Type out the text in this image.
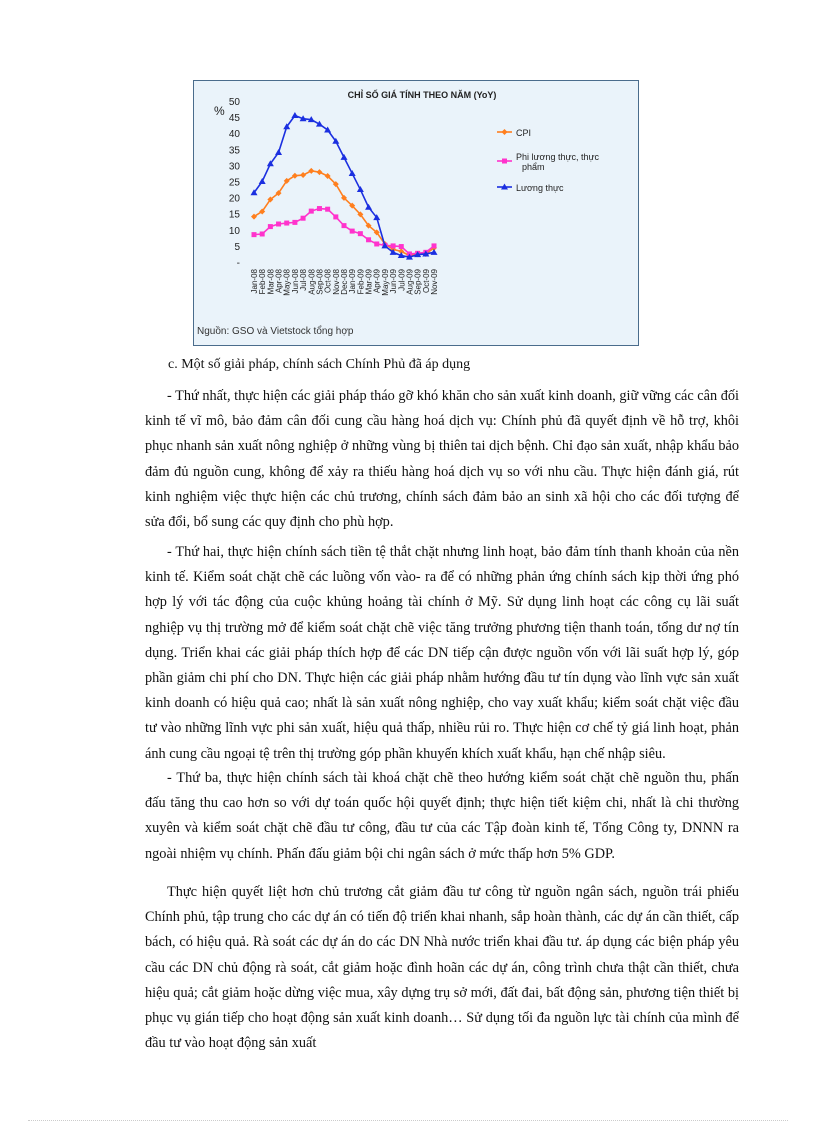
CHỈ SỐ GIÁ TÍNH THEO NĂM (YoY)
%
50
45
40
35
30
25
20
15
10
5
-
Jan-08 Feb-08 Mar-08 Apr-08 May-08 Jun-08 Jul-08 Aug-08 Sep-08 Oct-08 Nov-08 Dec-08 Jan-09 Feb-09 Mar-09 Apr-09 May-09 Jun-09 Jul-09 Aug-09 Sep-09 Oct-09 Nov-09
CPI
Phi lương thực, thực phẩm
Lương thực
Nguồn: GSO và Vietstock tổng hợp
c. Một số giải pháp, chính sách Chính Phủ đã áp dụng

- Thứ nhất, thực hiện các giải pháp tháo gỡ khó khăn cho sản xuất kinh doanh, giữ vững các cân đối kinh tế vĩ mô, bảo đảm cân đối cung cầu hàng hoá dịch vụ: Chính phủ đã quyết định về hỗ trợ, khôi phục nhanh sản xuất nông nghiệp ở những vùng bị thiên tai dịch bệnh. Chỉ đạo sản xuất, nhập khẩu bảo đảm đủ nguồn cung, không để xảy ra thiếu hàng hoá dịch vụ so với nhu cầu. Thực hiện đánh giá, rút kinh nghiệm việc thực hiện các chủ trương, chính sách đảm bảo an sinh xã hội cho các đối tượng để sửa đổi, bổ sung các quy định cho phù hợp.

- Thứ hai, thực hiện chính sách tiền tệ thắt chặt nhưng linh hoạt, bảo đảm tính thanh khoản của nền kinh tế. Kiểm soát chặt chẽ các luồng vốn vào- ra để có những phản ứng chính sách kịp thời ứng phó hợp lý với tác động của cuộc khủng hoảng tài chính ở Mỹ. Sử dụng linh hoạt các công cụ lãi suất nghiệp vụ thị trường mở để kiểm soát chặt chẽ việc tăng trưởng phương tiện thanh toán, tổng dư nợ tín dụng. Triển khai các giải pháp thích hợp để các DN tiếp cận được nguồn vốn với lãi suất hợp lý, góp phần giảm chi phí cho DN. Thực hiện các giải pháp nhằm hướng đầu tư tín dụng vào lĩnh vực sản xuất kinh doanh có hiệu quả cao; nhất là sản xuất nông nghiệp, cho vay xuất khẩu; kiểm soát chặt việc đầu tư vào những lĩnh vực phi sản xuất, hiệu quả thấp, nhiều rủi ro. Thực hiện cơ chế tỷ giá linh hoạt, phản ánh cung cầu ngoại tệ trên thị trường góp phần khuyến khích xuất khẩu, hạn chế nhập siêu.

- Thứ ba, thực hiện chính sách tài khoá chặt chẽ theo hướng kiểm soát chặt chẽ nguồn thu, phấn đấu tăng thu cao hơn so với dự toán quốc hội quyết định; thực hiện tiết kiệm chi, nhất là chi thường xuyên và kiểm soát chặt chẽ đầu tư công, đầu tư của các Tập đoàn kinh tế, Tổng Công ty, DNNN ra ngoài nhiệm vụ chính. Phấn đấu giảm bội chi ngân sách ở mức thấp hơn 5% GDP.

Thực hiện quyết liệt hơn chủ trương cắt giảm đầu tư công từ nguồn ngân sách, nguồn trái phiếu Chính phủ, tập trung cho các dự án có tiến độ triển khai nhanh, sắp hoàn thành, các dự án cần thiết, cấp bách, có hiệu quả. Rà soát các dự án do các DN Nhà nước triển khai đầu tư. áp dụng các biện pháp yêu cầu các DN chủ động rà soát, cắt giảm hoặc đình hoãn các dự án, công trình chưa thật cần thiết, chưa hiệu quả; cắt giảm hoặc dừng việc mua, xây dựng trụ sở mới, đất đai, bất động sản, phương tiện thiết bị phục vụ gián tiếp cho hoạt động sản xuất kinh doanh… Sử dụng tối đa nguồn lực tài chính của mình để đầu tư vào hoạt động sản xuất
